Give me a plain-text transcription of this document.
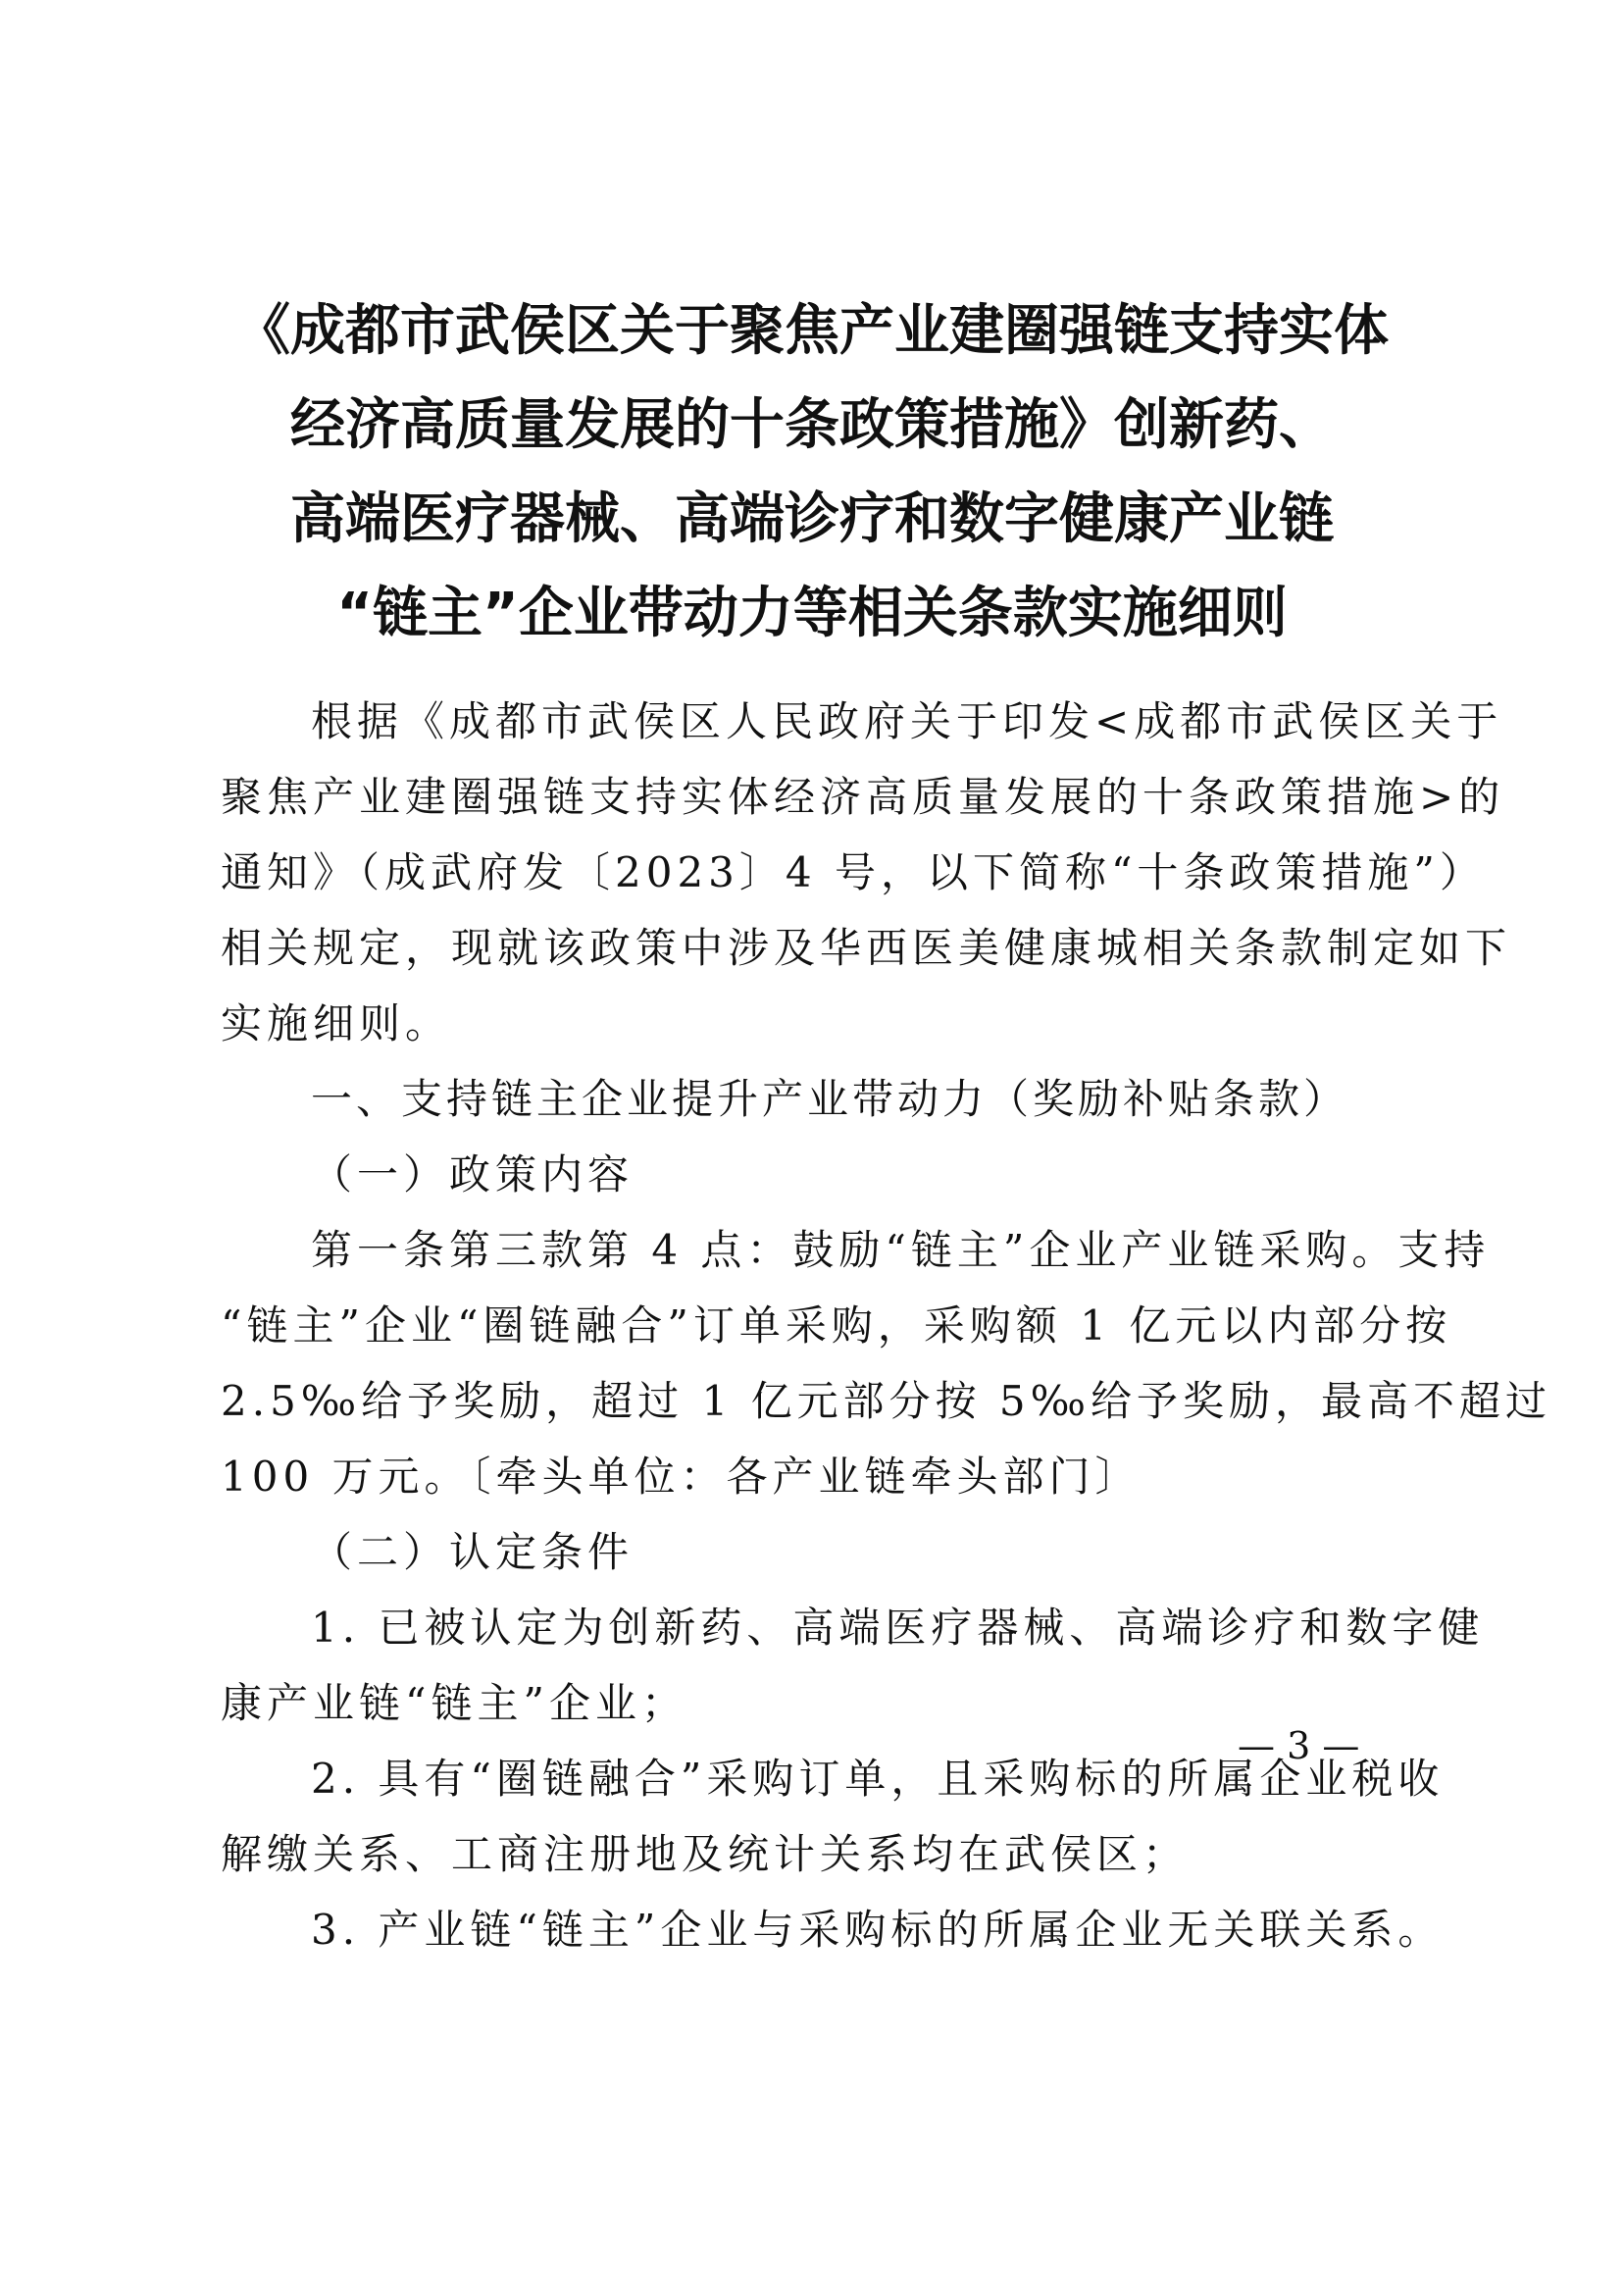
《成都市武侯区关于聚焦产业建圈强链支持实体
经济高质量发展的十条政策措施》创新药、
高端医疗器械、高端诊疗和数字健康产业链
“链主”企业带动力等相关条款实施细则
根据《成都市武侯区人民政府关于印发<成都市武侯区关于
聚焦产业建圈强链支持实体经济高质量发展的十条政策措施>的
通知》（成武府发〔2023〕4 号，以下简称“十条政策措施”）
相关规定，现就该政策中涉及华西医美健康城相关条款制定如下
实施细则。
一、支持链主企业提升产业带动力（奖励补贴条款）
（一）政策内容
第一条第三款第 4 点：鼓励“链主”企业产业链采购。支持
“链主”企业“圈链融合”订单采购，采购额 1 亿元以内部分按
2.5‰给予奖励，超过 1 亿元部分按 5‰给予奖励，最高不超过
100 万元。〔牵头单位：各产业链牵头部门〕
（二）认定条件
1. 已被认定为创新药、高端医疗器械、高端诊疗和数字健
康产业链“链主”企业；
2. 具有“圈链融合”采购订单，且采购标的所属企业税收
解缴关系、工商注册地及统计关系均在武侯区；
3. 产业链“链主”企业与采购标的所属企业无关联关系。
— 3 —
